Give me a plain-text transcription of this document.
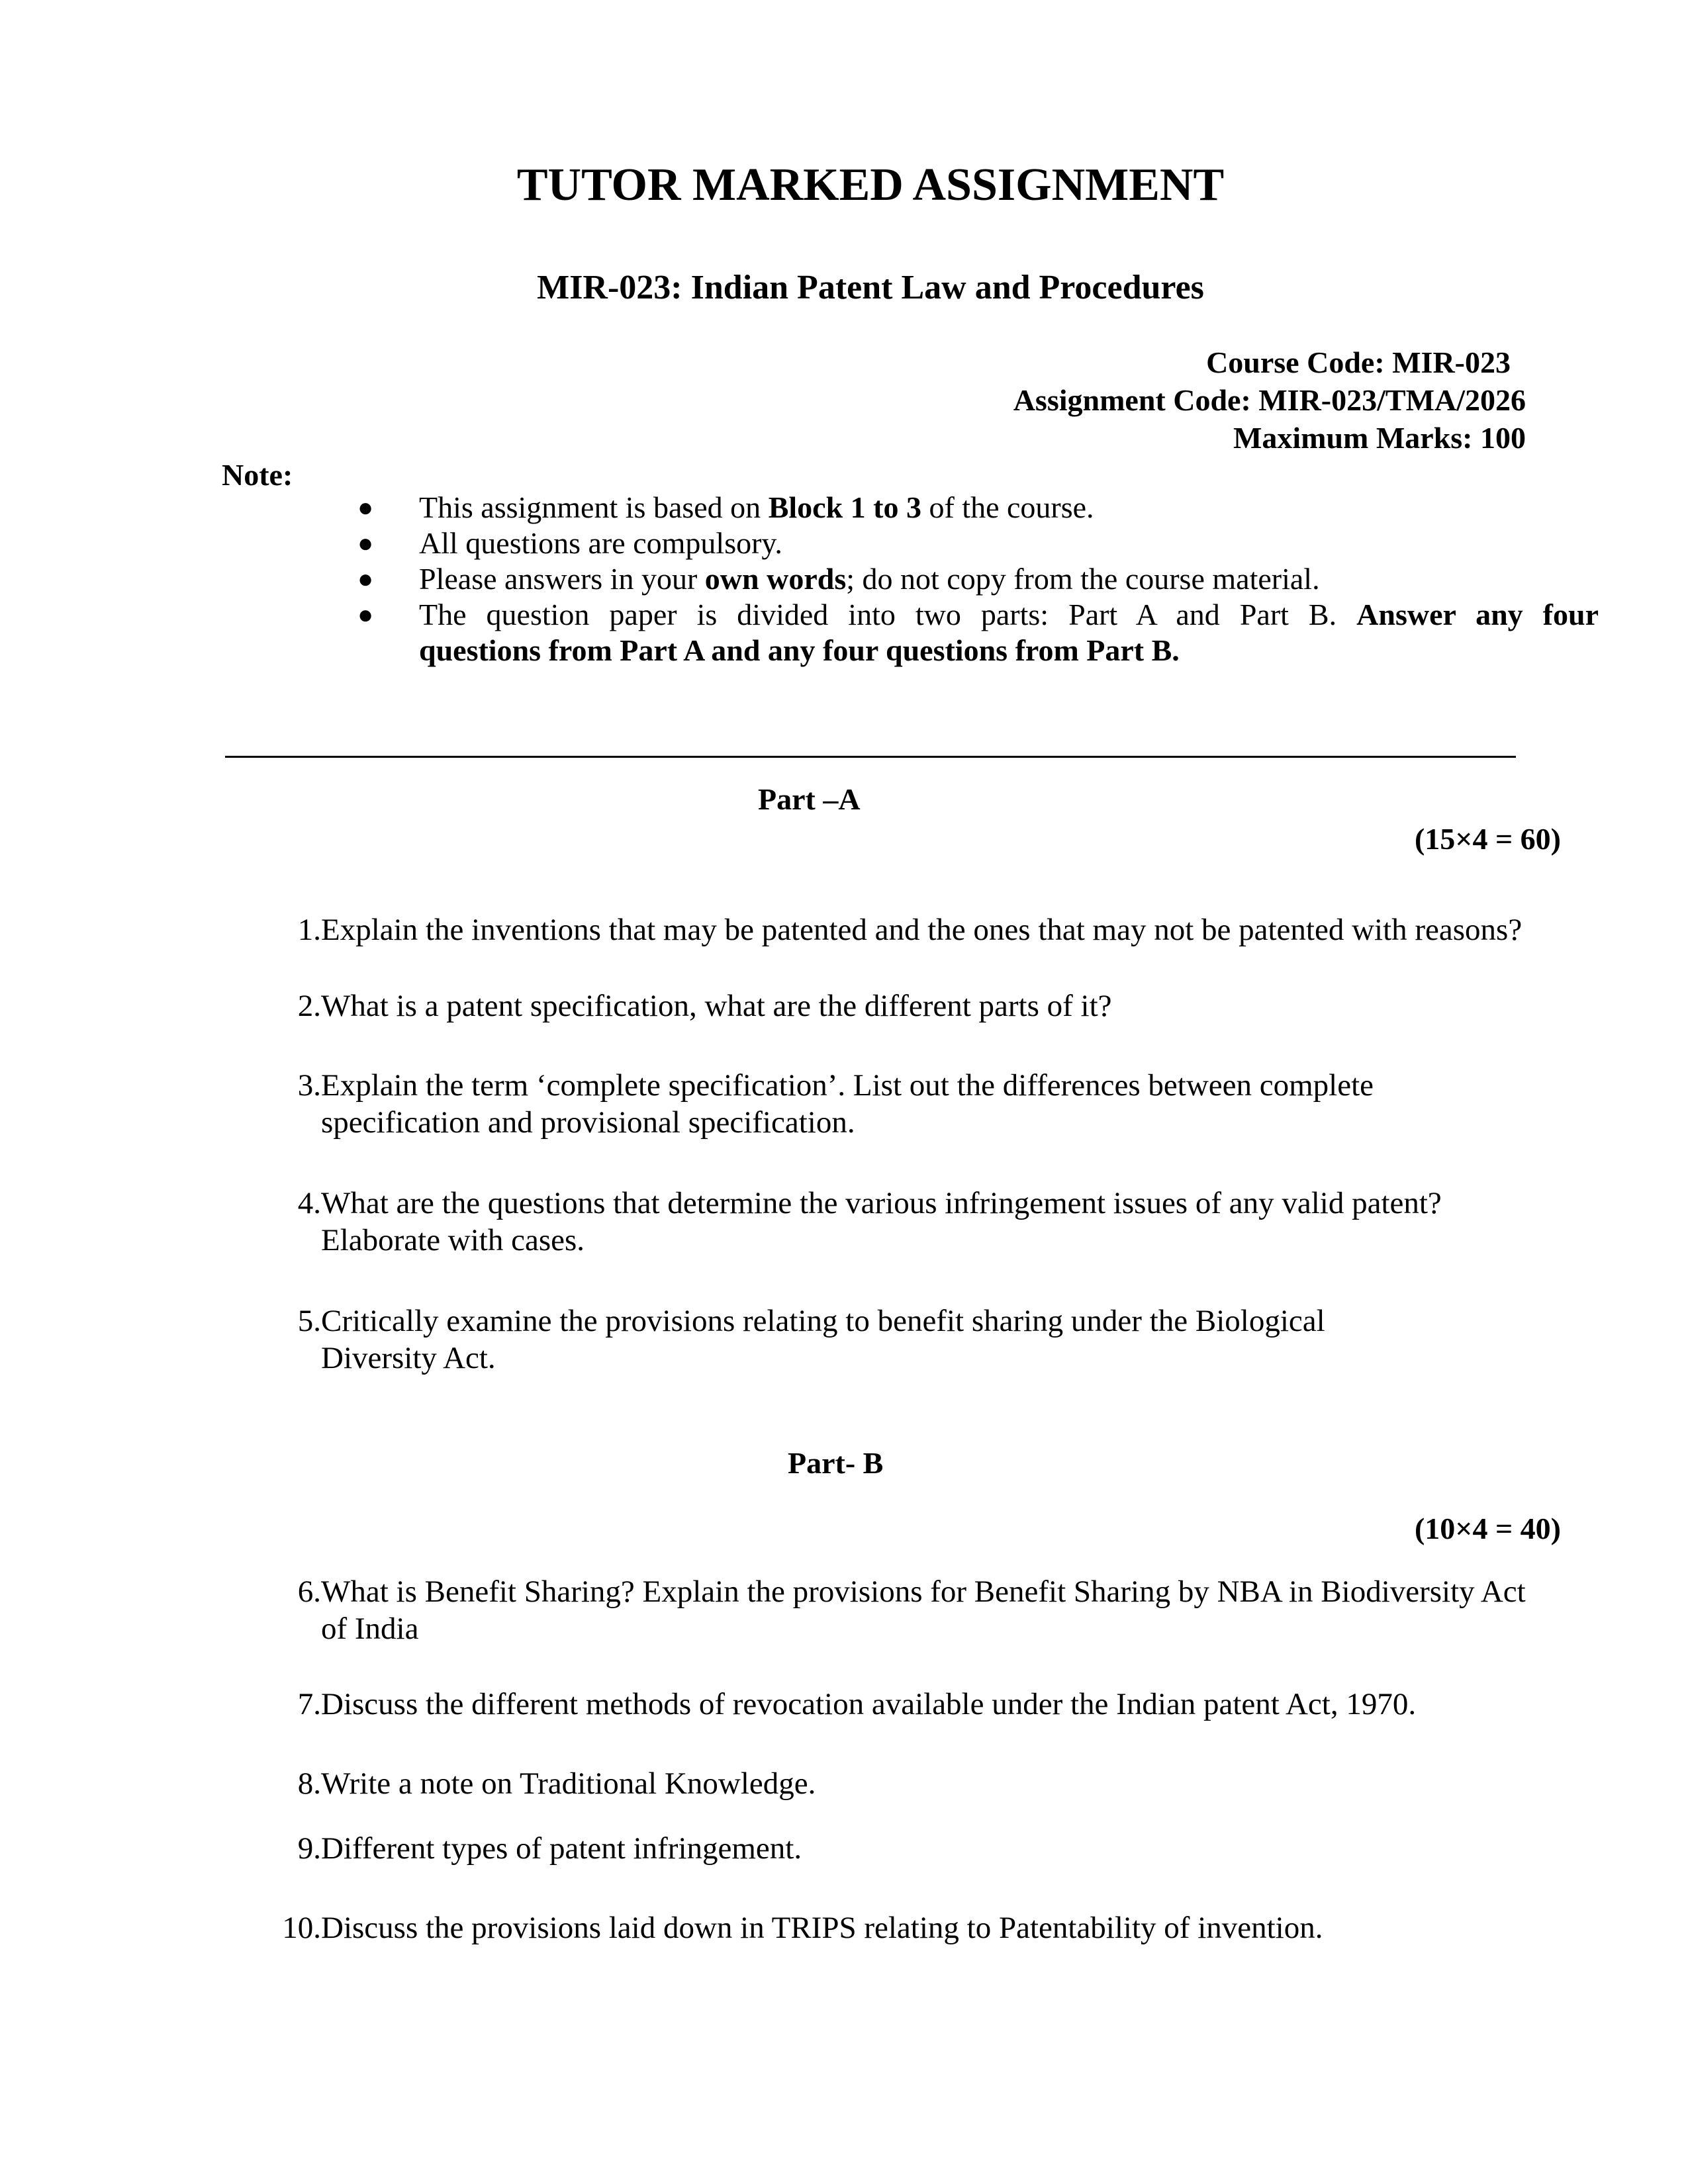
TUTOR MARKED ASSIGNMENT
MIR-023: Indian Patent Law and Procedures
Course Code: MIR-023
Assignment Code: MIR-023/TMA/2026
Maximum Marks: 100
Note:
●	This assignment is based on Block 1 to 3 of the course.
●	All questions are compulsory.
●	Please answers in your own words; do not copy from the course material.
●	The question paper is divided into two parts: Part A and Part B. Answer any four
questions from Part A and any four questions from Part B.
Part –A
(15×4 = 60)
1. Explain the inventions that may be patented and the ones that may not be patented with reasons?
2. What is a patent specification, what are the different parts of it?
3. Explain the term ‘complete specification’. List out the differences between complete
specification and provisional specification.
4. What are the questions that determine the various infringement issues of any valid patent?
Elaborate with cases.
5. Critically examine the provisions relating to benefit sharing under the Biological
Diversity Act.
Part- B
(10×4 = 40)
6. What is Benefit Sharing? Explain the provisions for Benefit Sharing by NBA in Biodiversity Act
of India
7. Discuss the different methods of revocation available under the Indian patent Act, 1970.
8. Write a note on Traditional Knowledge.
9. Different types of patent infringement.
10. Discuss the provisions laid down in TRIPS relating to Patentability of invention.
